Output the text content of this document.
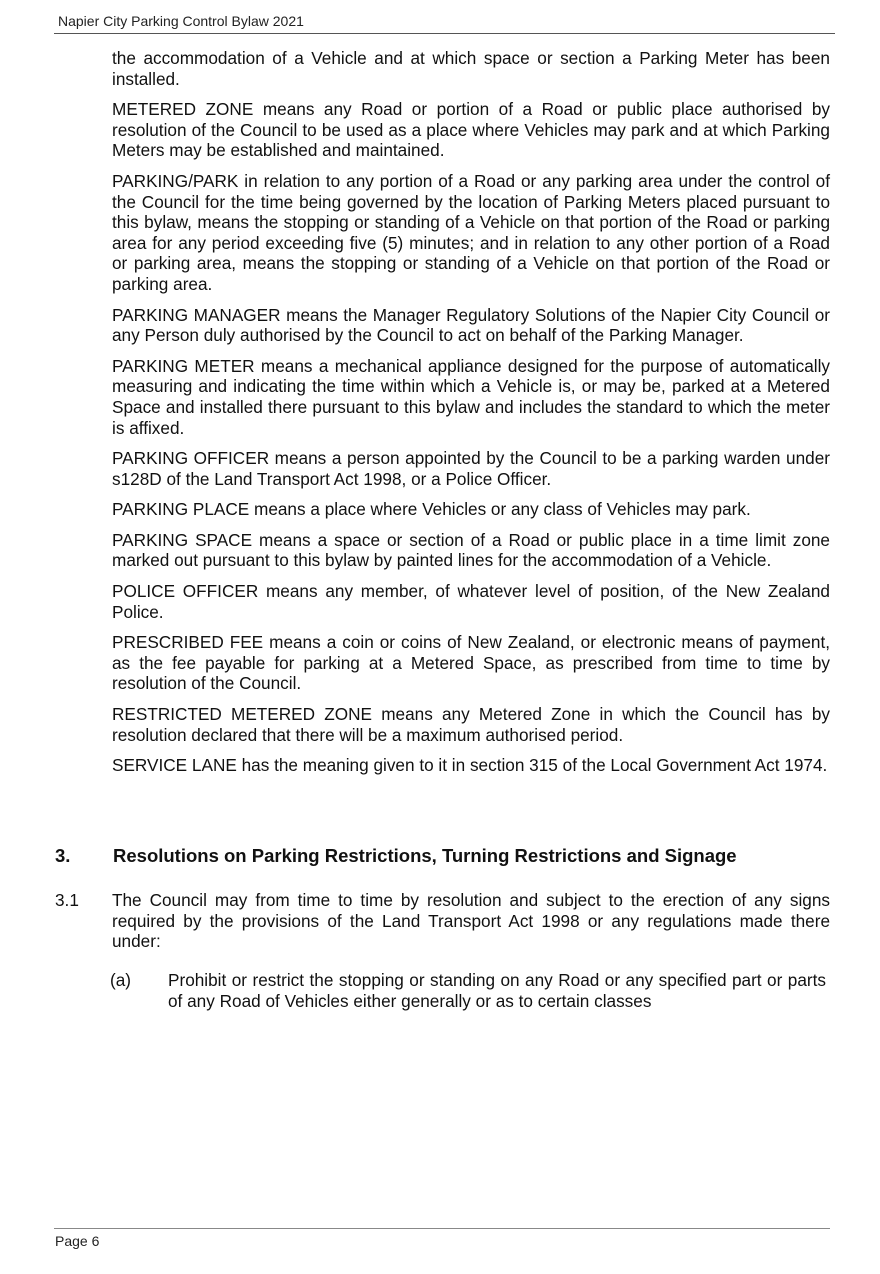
Napier City Parking Control Bylaw 2021

the accommodation of a Vehicle and at which space or section a Parking Meter has been installed.

METERED ZONE means any Road or portion of a Road or public place authorised by resolution of the Council to be used as a place where Vehicles may park and at which Parking Meters may be established and maintained.

PARKING/PARK in relation to any portion of a Road or any parking area under the control of the Council for the time being governed by the location of Parking Meters placed pursuant to this bylaw, means the stopping or standing of a Vehicle on that portion of the Road or parking area for any period exceeding five (5) minutes; and in relation to any other portion of a Road or parking area, means the stopping or standing of a Vehicle on that portion of the Road or parking area.

PARKING MANAGER means the Manager Regulatory Solutions of the Napier City Council or any Person duly authorised by the Council to act on behalf of the Parking Manager.

PARKING METER means a mechanical appliance designed for the purpose of automatically measuring and indicating the time within which a Vehicle is, or may be, parked at a Metered Space and installed there pursuant to this bylaw and includes the standard to which the meter is affixed.

PARKING OFFICER means a person appointed by the Council to be a parking warden under s128D of the Land Transport Act 1998, or a Police Officer.

PARKING PLACE means a place where Vehicles or any class of Vehicles may park.

PARKING SPACE means a space or section of a Road or public place in a time limit zone marked out pursuant to this bylaw by painted lines for the accommodation of a Vehicle.

POLICE OFFICER means any member, of whatever level of position, of the New Zealand Police.

PRESCRIBED FEE means a coin or coins of New Zealand, or electronic means of payment, as the fee payable for parking at a Metered Space, as prescribed from time to time by resolution of the Council.

RESTRICTED METERED ZONE means any Metered Zone in which the Council has by resolution declared that there will be a maximum authorised period.

SERVICE LANE has the meaning given to it in section 315 of the Local Government Act 1974.

3. Resolutions on Parking Restrictions, Turning Restrictions and Signage
3.1 The Council may from time to time by resolution and subject to the erection of any signs required by the provisions of the Land Transport Act 1998 or any regulations made there under:
(a) Prohibit or restrict the stopping or standing on any Road or any specified part or parts of any Road of Vehicles either generally or as to certain classes
Page 6
